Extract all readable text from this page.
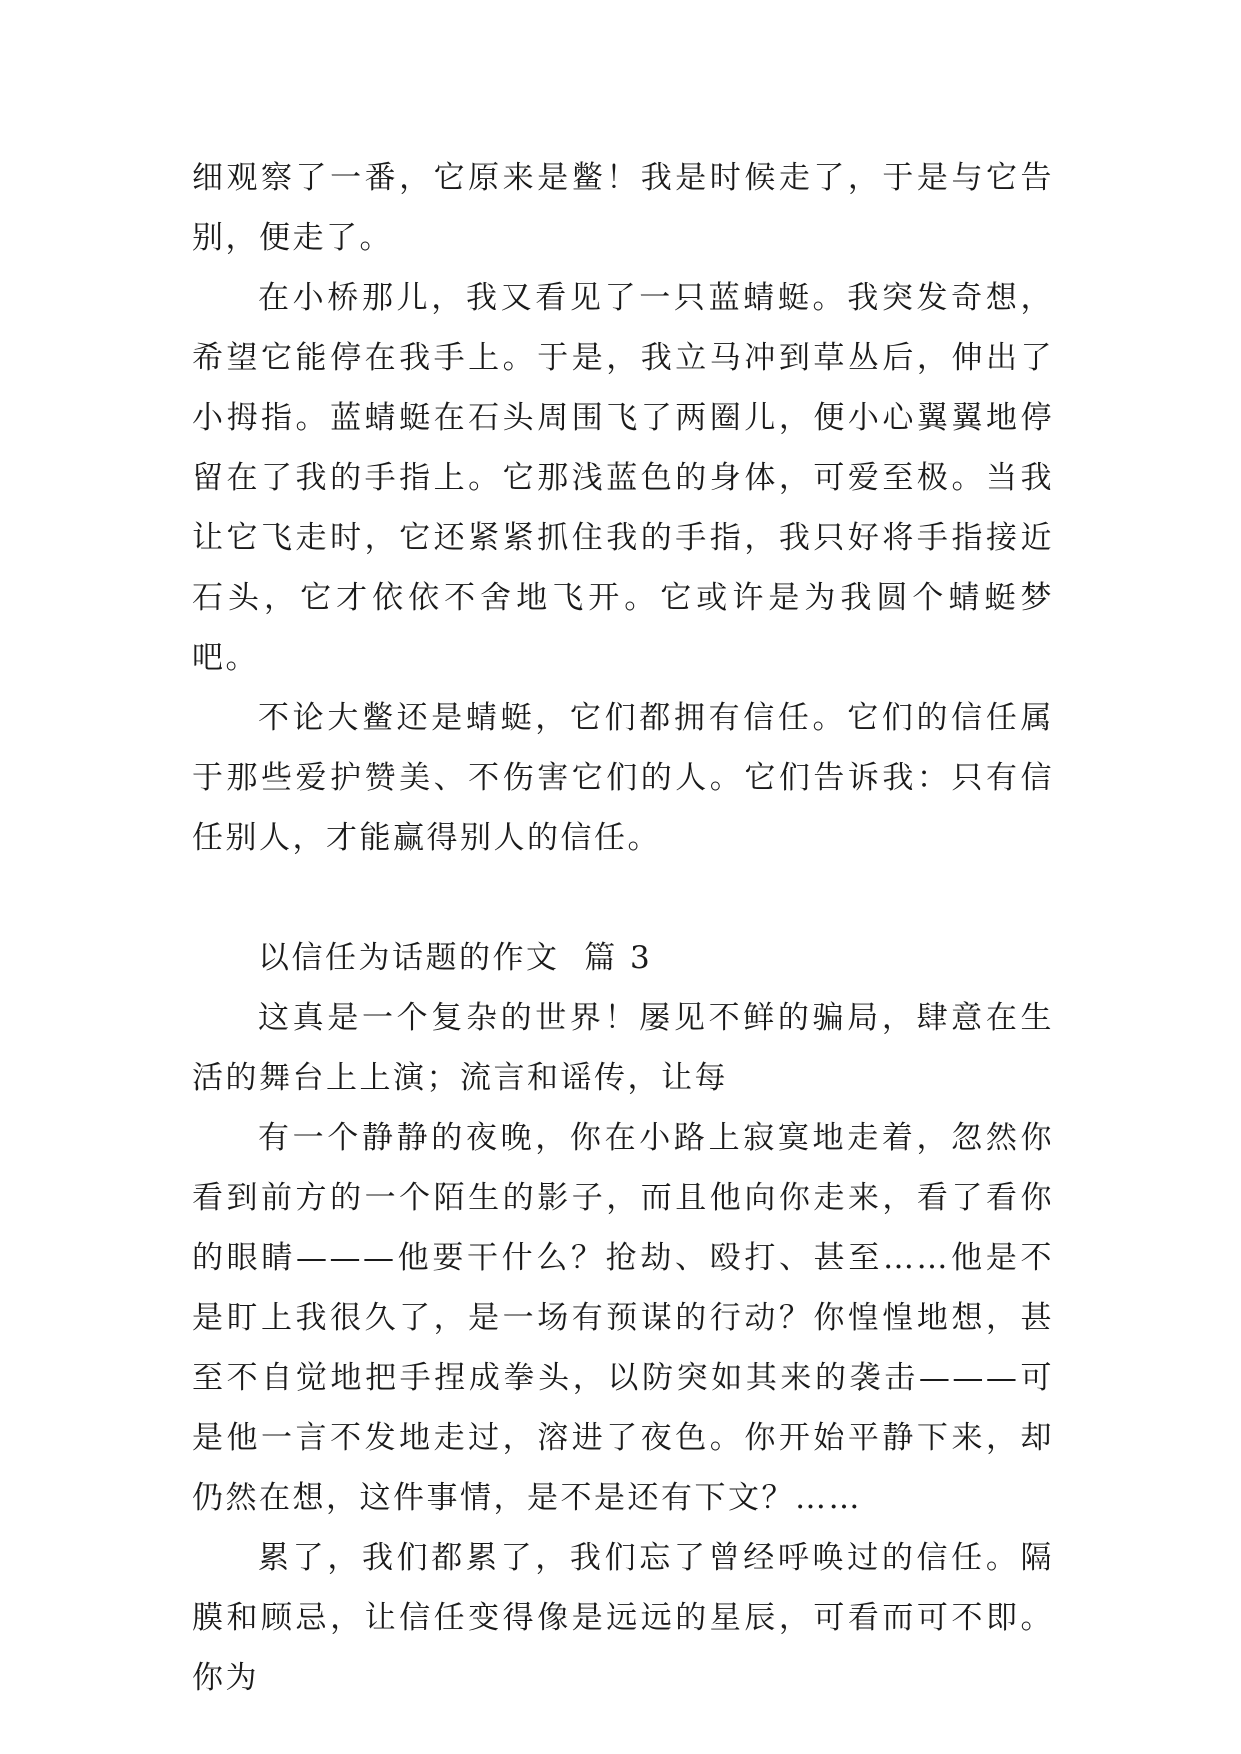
细观察了一番，它原来是鳖！我是时候走了，于是与它告别，便走了。

在小桥那儿，我又看见了一只蓝蜻蜓。我突发奇想，希望它能停在我手上。于是，我立马冲到草丛后，伸出了小拇指。蓝蜻蜓在石头周围飞了两圈儿，便小心翼翼地停留在了我的手指上。它那浅蓝色的身体，可爱至极。当我让它飞走时，它还紧紧抓住我的手指，我只好将手指接近石头，它才依依不舍地飞开。它或许是为我圆个蜻蜓梦吧。

不论大鳖还是蜻蜓，它们都拥有信任。它们的信任属于那些爱护赞美、不伤害它们的人。它们告诉我：只有信任别人，才能赢得别人的信任。

以信任为话题的作文  篇 3

这真是一个复杂的世界！屡见不鲜的骗局，肆意在生活的舞台上上演；流言和谣传，让每

有一个静静的夜晚，你在小路上寂寞地走着，忽然你看到前方的一个陌生的影子，而且他向你走来，看了看你的眼睛———他要干什么？抢劫、殴打、甚至……他是不是盯上我很久了，是一场有预谋的行动？你惶惶地想，甚至不自觉地把手捏成拳头，以防突如其来的袭击———可是他一言不发地走过，溶进了夜色。你开始平静下来，却仍然在想，这件事情，是不是还有下文？……

累了，我们都累了，我们忘了曾经呼唤过的信任。隔膜和顾忌，让信任变得像是远远的星辰，可看而可不即。你为
